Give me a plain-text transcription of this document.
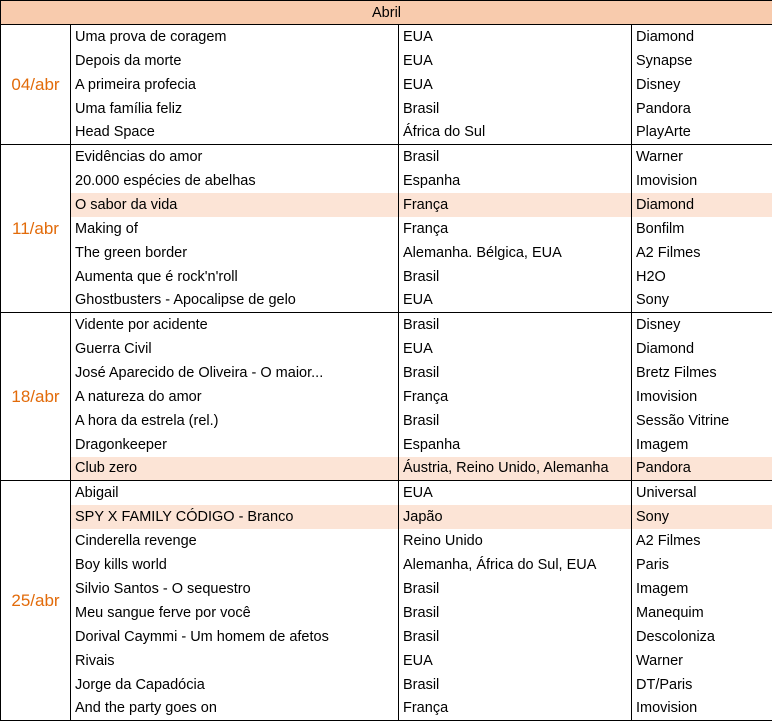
Abril			
04/abr	Uma prova de coragem	EUA	Diamond
	Depois da morte	EUA	Synapse
	A primeira profecia	EUA	Disney
	Uma família feliz	Brasil	Pandora
	Head Space	África do Sul	PlayArte
11/abr	Evidências do amor	Brasil	Warner
	20.000 espécies de abelhas	Espanha	Imovision
	O sabor da vida	França	Diamond
	Making of	França	Bonfilm
	The green border	Alemanha. Bélgica, EUA	A2 Filmes
	Aumenta que é rock'n'roll	Brasil	H2O
	Ghostbusters - Apocalipse de gelo	EUA	Sony
18/abr	Vidente por acidente	Brasil	Disney
	Guerra Civil	EUA	Diamond
	José Aparecido de Oliveira - O maior...	Brasil	Bretz Filmes
	A natureza do amor	França	Imovision
	A hora da estrela (rel.)	Brasil	Sessão Vitrine
	Dragonkeeper	Espanha	Imagem
	Club zero	Áustria, Reino Unido, Alemanha	Pandora
25/abr	Abigail	EUA	Universal
	SPY X FAMILY CÓDIGO - Branco	Japão	Sony
	Cinderella revenge	Reino Unido	A2 Filmes
	Boy kills world	Alemanha, África do Sul, EUA	Paris
	Silvio Santos - O sequestro	Brasil	Imagem
	Meu sangue ferve por você	Brasil	Manequim
	Dorival Caymmi - Um homem de afetos	Brasil	Descoloniza
	Rivais	EUA	Warner
	Jorge da Capadócia	Brasil	DT/Paris
	And the party goes on	França	Imovision
